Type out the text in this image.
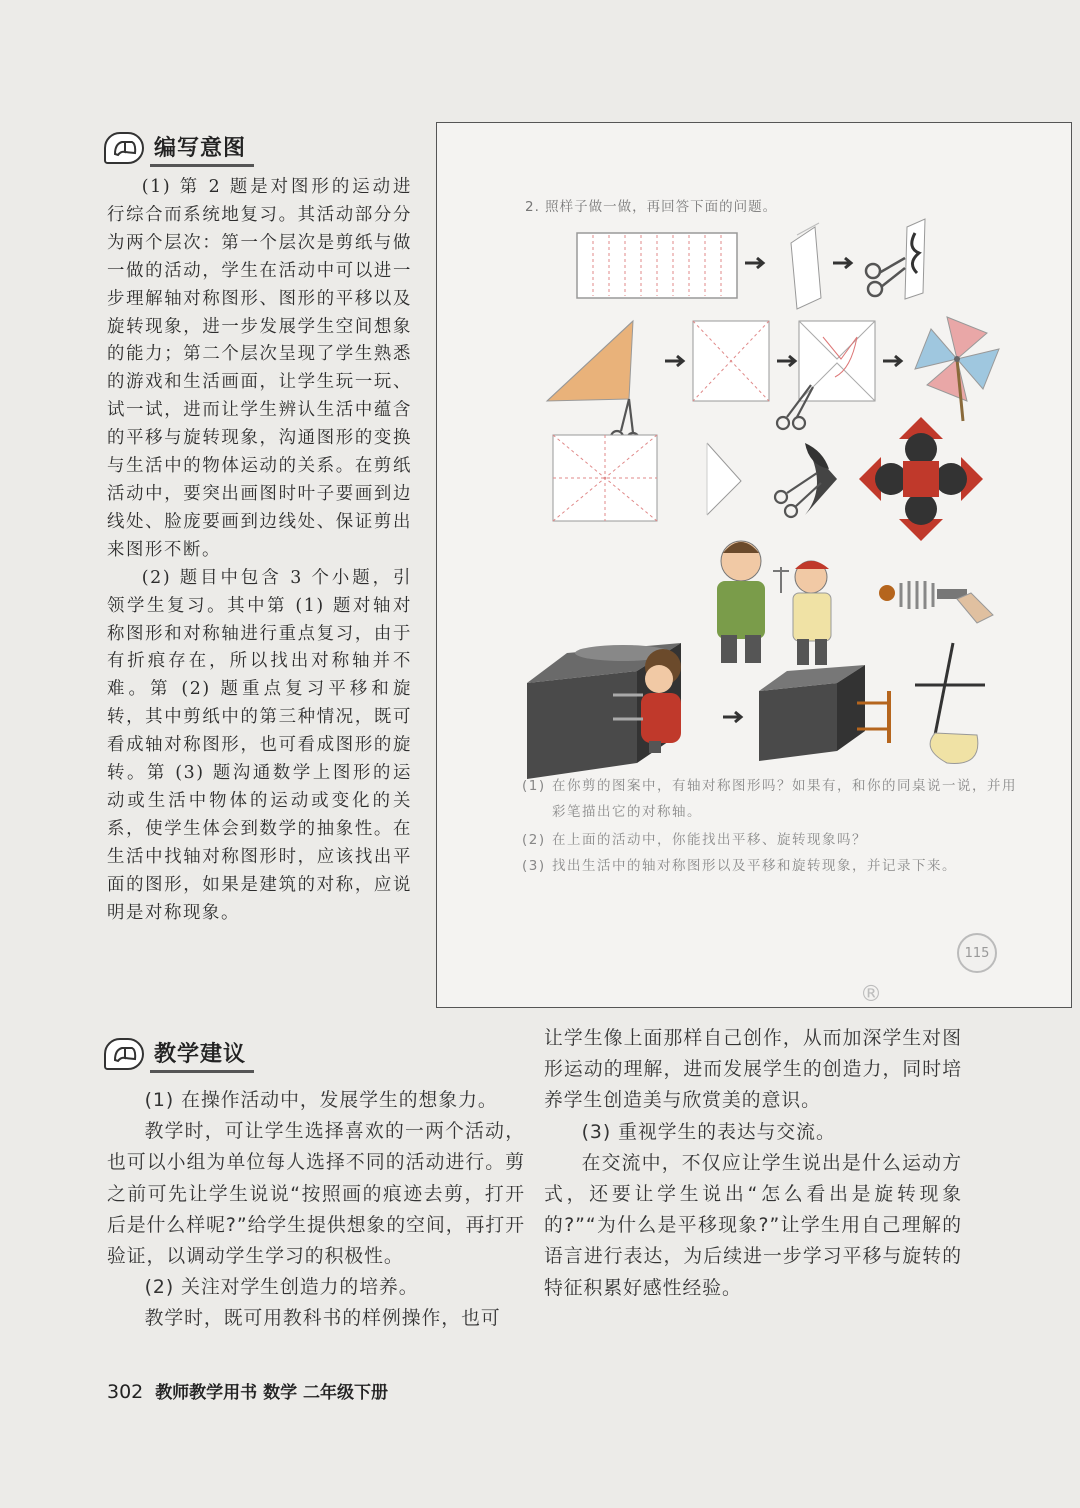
编写意图

(1) 第 2 题是对图形的运动进行综合而系统地复习。其活动部分分为两个层次：第一个层次是剪纸与做一做的活动，学生在活动中可以进一步理解轴对称图形、图形的平移以及旋转现象，进一步发展学生空间想象的能力；第二个层次呈现了学生熟悉的游戏和生活画面，让学生玩一玩、试一试，进而让学生辨认生活中蕴含的平移与旋转现象，沟通图形的变换与生活中的物体运动的关系。在剪纸活动中，要突出画图时叶子要画到边线处、脸庞要画到边线处、保证剪出来图形不断。

(2) 题目中包含 3 个小题，引领学生复习。其中第 (1) 题对轴对称图形和对称轴进行重点复习，由于有折痕存在，所以找出对称轴并不难。第 (2) 题重点复习平移和旋转，其中剪纸中的第三种情况，既可看成轴对称图形，也可看成图形的旋转。第 (3) 题沟通数学上图形的运动或生活中物体的运动或变化的关系，使学生体会到数学的抽象性。在生活中找轴对称图形时，应该找出平面的图形，如果是建筑的对称，应说明是对称现象。

2. 照样子做一做，再回答下面的问题。
(1) 在你剪的图案中，有轴对称图形吗？如果有，和你的同桌说一说，并用彩笔描出它的对称轴。
(2) 在上面的活动中，你能找出平移、旋转现象吗？
(3) 找出生活中的轴对称图形以及平移和旋转现象，并记录下来。
115
®
教学建议

(1) 在操作活动中，发展学生的想象力。

教学时，可让学生选择喜欢的一两个活动，也可以小组为单位每人选择不同的活动进行。剪之前可先让学生说说“按照画的痕迹去剪，打开后是什么样呢?”给学生提供想象的空间，再打开验证，以调动学生学习的积极性。

(2) 关注对学生创造力的培养。

教学时，既可用教科书的样例操作，也可

让学生像上面那样自己创作，从而加深学生对图形运动的理解，进而发展学生的创造力，同时培养学生创造美与欣赏美的意识。

(3) 重视学生的表达与交流。

在交流中，不仅应让学生说出是什么运动方式，还要让学生说出“怎么看出是旋转现象的?”“为什么是平移现象?”让学生用自己理解的语言进行表达，为后续进一步学习平移与旋转的特征积累好感性经验。

302 教师教学用书 数学 二年级下册
